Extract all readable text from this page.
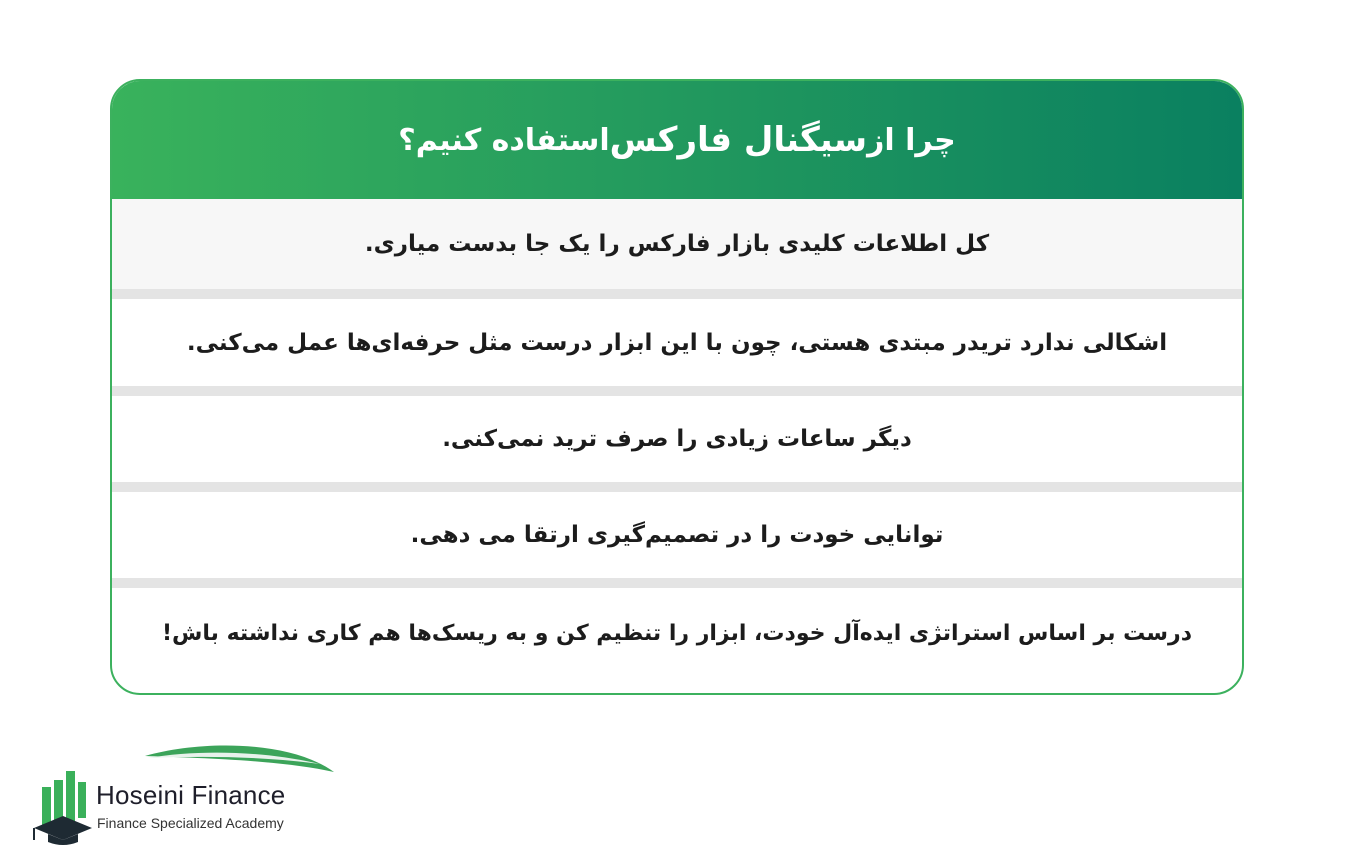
چرا از
سیگنال فارکس
استفاده کنیم؟
کل اطلاعات کلیدی بازار فارکس را یک جا بدست میاری.
اشکالی ندارد تریدر مبتدی هستی، چون با این ابزار درست مثل حرفه‌ای‌ها عمل می‌کنی.
دیگر ساعات زیادی را صرف ترید نمی‌کنی.
توانایی خودت را در تصمیم‌گیری ارتقا می دهی.
درست بر اساس استراتژی ایده‌آل خودت، ابزار را تنظیم کن و به ریسک‌ها هم کاری نداشته باش!
Hoseini Finance
Finance Specialized Academy
